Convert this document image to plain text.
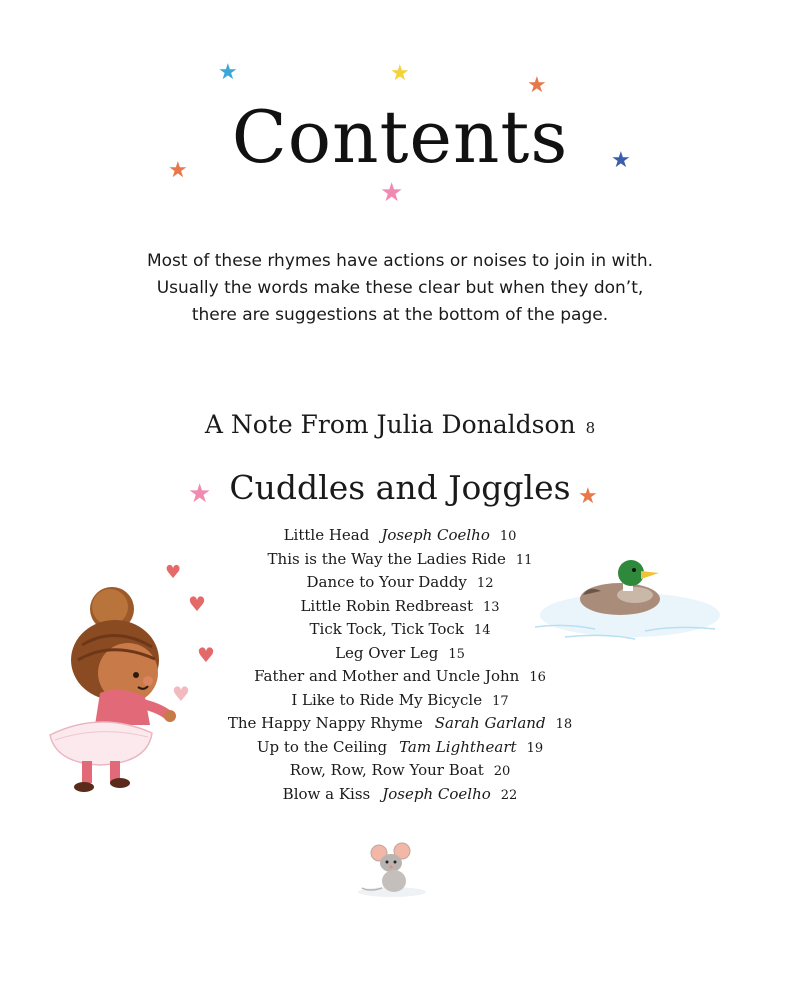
★	★	★
★
★
★
★	★
Contents
Most of these rhymes have actions or noises to join in with.
Usually the words make these clear but when they don’t,
there are suggestions at the bottom of the page.
A Note From Julia Donaldson 8
Cuddles and Joggles
Little Head Joseph Coelho 10
This is the Way the Ladies Ride 11
Dance to Your Daddy 12
Little Robin Redbreast 13
Tick Tock, Tick Tock 14
Leg Over Leg 15
Father and Mother and Uncle John 16
I Like to Ride My Bicycle 17
The Happy Nappy Rhyme Sarah Garland 18
Up to the Ceiling Tam Lightheart 19
Row, Row, Row Your Boat 20
Blow a Kiss Joseph Coelho 22
♥
♥
♥
♥
